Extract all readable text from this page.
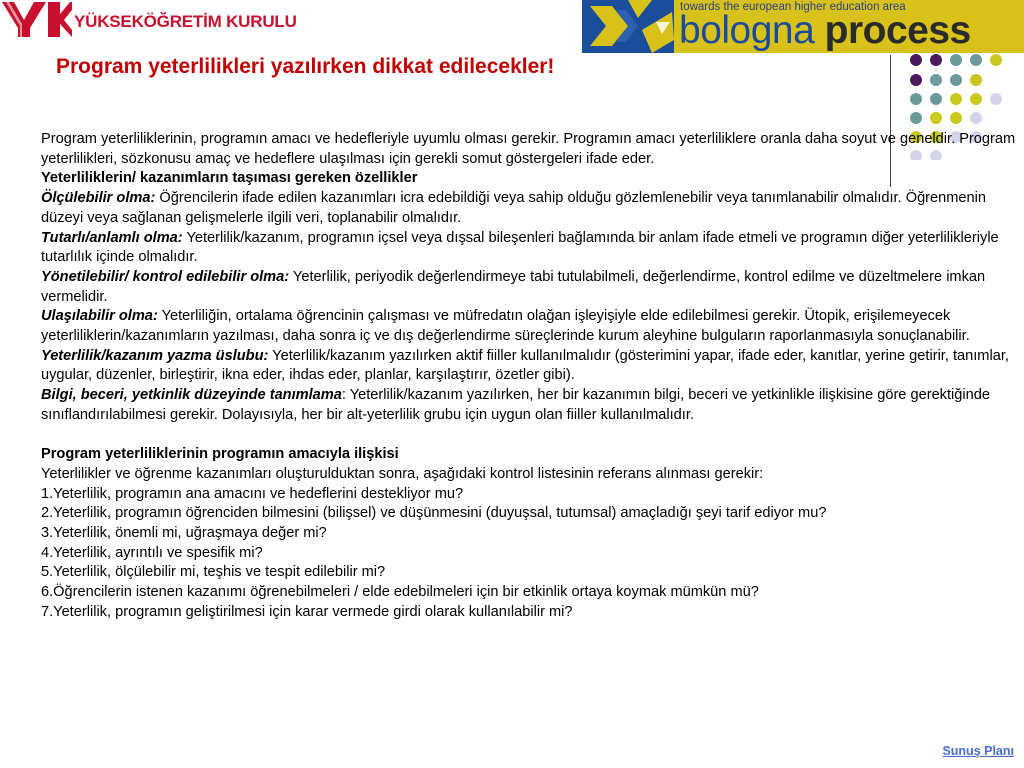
YÜKSEKÖĞRETİM KURULU
towards the european higher education area
bologna process
Program yeterlilikleri yazılırken dikkat edilecekler!

Program yeterliliklerinin, programın amacı ve hedefleriyle uyumlu olması gerekir. Programın amacı yeterliliklere oranla daha soyut ve geneldir. Program yeterlilikleri, sözkonusu amaç ve hedeflere ulaşılması için gerekli somut göstergeleri ifade eder.

Yeterliliklerin/ kazanımların taşıması gereken özellikler

Ölçülebilir olma: Öğrencilerin ifade edilen kazanımları icra edebildiği veya sahip olduğu gözlemlenebilir veya tanımlanabilir olmalıdır. Öğrenmenin düzeyi veya sağlanan gelişmelerle ilgili veri, toplanabilir olmalıdır.

Tutarlı/anlamlı olma: Yeterlilik/kazanım, programın içsel veya dışsal bileşenleri bağlamında bir anlam ifade etmeli ve programın diğer yeterlilikleriyle tutarlılık içinde olmalıdır.

Yönetilebilir/ kontrol edilebilir olma: Yeterlilik, periyodik değerlendirmeye tabi tutulabilmeli, değerlendirme, kontrol edilme ve düzeltmelere imkan vermelidir.

Ulaşılabilir olma: Yeterliliğin, ortalama öğrencinin çalışması ve müfredatın olağan işleyişiyle elde edilebilmesi gerekir. Ütopik, erişilemeyecek yeterliliklerin/kazanımların yazılması, daha sonra iç ve dış değerlendirme süreçlerinde kurum aleyhine bulguların raporlanmasıyla sonuçlanabilir.

Yeterlilik/kazanım yazma üslubu: Yeterlilik/kazanım yazılırken aktif fiiller kullanılmalıdır (gösterimini yapar, ifade eder, kanıtlar, yerine getirir, tanımlar, uygular, düzenler, birleştirir, ikna eder, ihdas eder, planlar, karşılaştırır, özetler gibi).

Bilgi, beceri, yetkinlik düzeyinde tanımlama: Yeterlilik/kazanım yazılırken, her bir kazanımın bilgi, beceri ve yetkinlikle ilişkisine göre gerektiğinde sınıflandırılabilmesi gerekir. Dolayısıyla, her bir alt-yeterlilik grubu için uygun olan fiiller kullanılmalıdır.

Program yeterliliklerinin programın amacıyla ilişkisi

Yeterlilikler ve öğrenme kazanımları oluşturulduktan sonra, aşağıdaki kontrol listesinin referans alınması gerekir:

1.Yeterlilik, programın ana amacını ve hedeflerini destekliyor mu?

2.Yeterlilik, programın öğrenciden bilmesini (bilişsel) ve düşünmesini (duyuşsal, tutumsal) amaçladığı şeyi tarif ediyor mu?

3.Yeterlilik, önemli mi, uğraşmaya değer mi?

4.Yeterlilik, ayrıntılı ve spesifik mi?

5.Yeterlilik, ölçülebilir mi, teşhis ve tespit edilebilir mi?

6.Öğrencilerin istenen kazanımı öğrenebilmeleri / elde edebilmeleri için bir etkinlik ortaya koymak mümkün mü?

7.Yeterlilik, programın geliştirilmesi için karar vermede girdi olarak kullanılabilir mi?

Sunuş Planı
